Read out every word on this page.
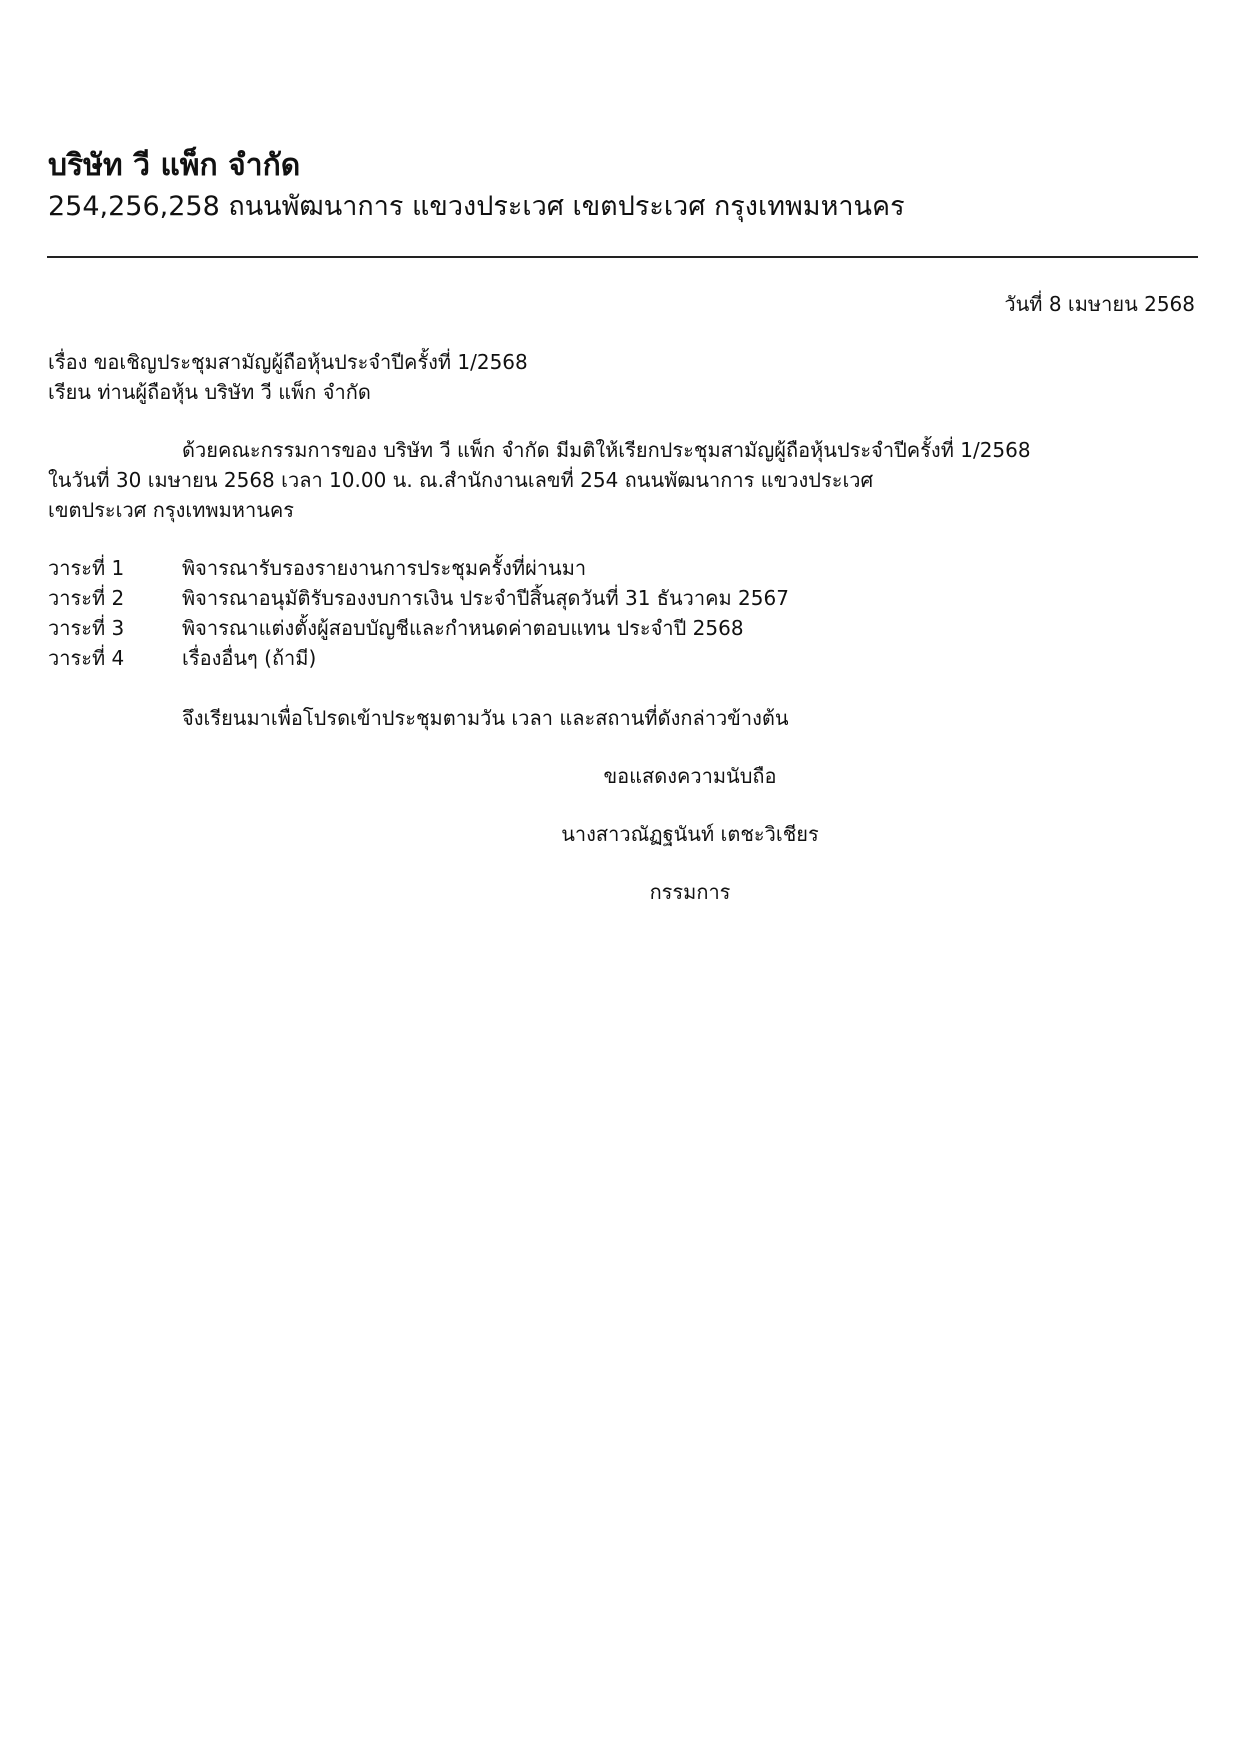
บริษัท วี แพ็ก จำกัด
254,256,258 ถนนพัฒนาการ แขวงประเวศ เขตประเวศ กรุงเทพมหานคร
วันที่ 8 เมษายน 2568
เรื่อง ขอเชิญประชุมสามัญผู้ถือหุ้นประจำปีครั้งที่ 1/2568
เรียน ท่านผู้ถือหุ้น บริษัท วี แพ็ก จำกัด
ด้วยคณะกรรมการของ บริษัท วี แพ็ก จำกัด มีมติให้เรียกประชุมสามัญผู้ถือหุ้นประจำปีครั้งที่ 1/2568
ในวันที่ 30 เมษายน 2568 เวลา 10.00 น. ณ.สำนักงานเลขที่ 254 ถนนพัฒนาการ แขวงประเวศ
เขตประเวศ กรุงเทพมหานคร
วาระที่ 1	พิจารณารับรองรายงานการประชุมครั้งที่ผ่านมา
วาระที่ 2	พิจารณาอนุมัติรับรองงบการเงิน ประจำปีสิ้นสุดวันที่ 31 ธันวาคม 2567
วาระที่ 3	พิจารณาแต่งตั้งผู้สอบบัญชีและกำหนดค่าตอบแทน ประจำปี 2568
วาระที่ 4	เรื่องอื่นๆ (ถ้ามี)
จึงเรียนมาเพื่อโปรดเข้าประชุมตามวัน เวลา และสถานที่ดังกล่าวข้างต้น
ขอแสดงความนับถือ
นางสาวณัฏฐนันท์ เตชะวิเชียร
กรรมการ
